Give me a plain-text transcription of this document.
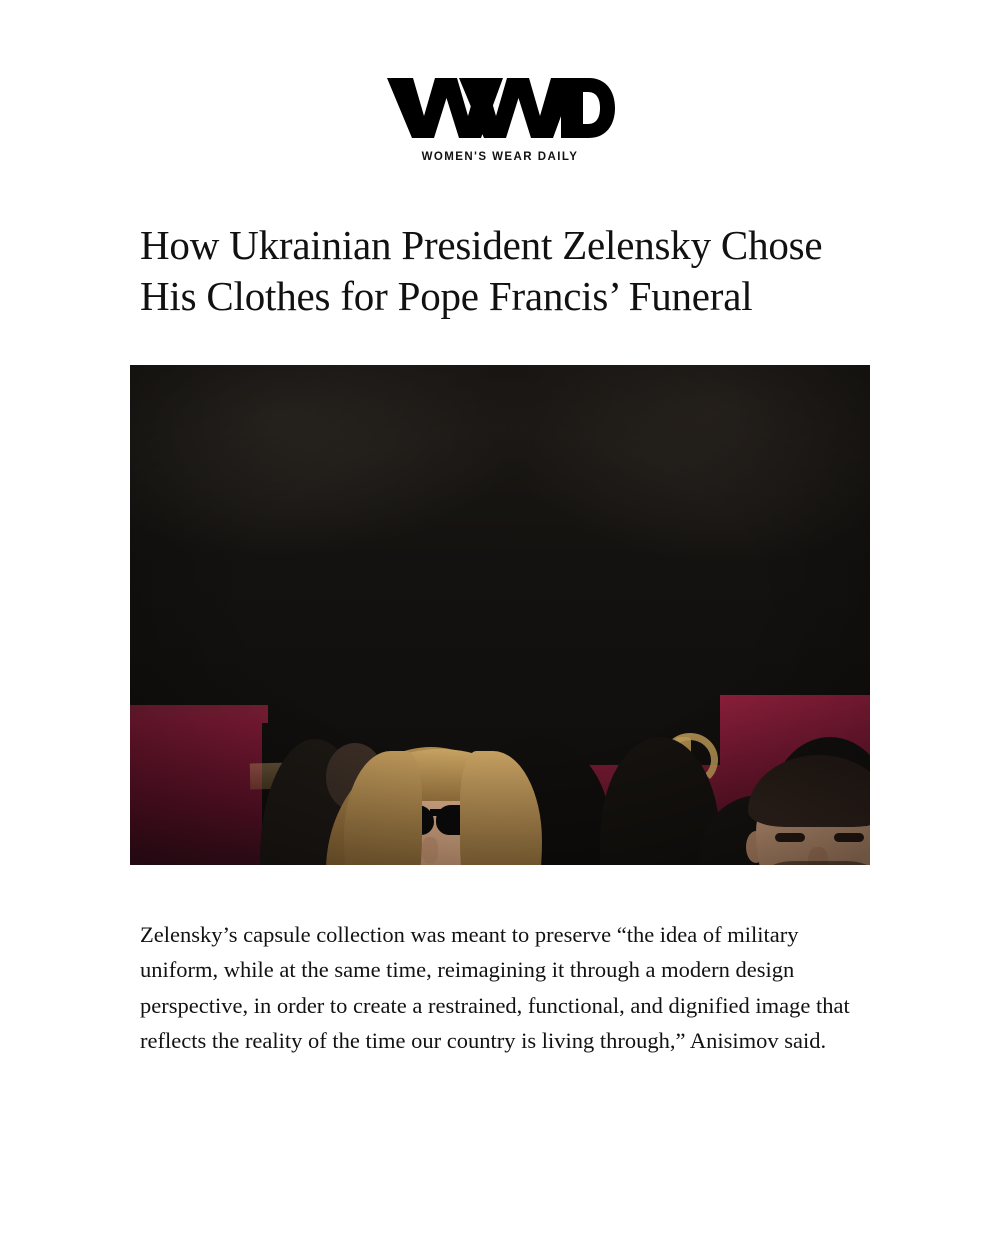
WOMEN'S WEAR DAILY
How Ukrainian President Zelensky Chose His Clothes for Pope Francis’ Funeral

Zelensky’s capsule collection was meant to preserve “the idea of military uniform, while at the same time, reimagining it through a modern design perspective, in order to create a restrained, functional, and dignified image that reflects the reality of the time our country is living through,” Anisimov said.
